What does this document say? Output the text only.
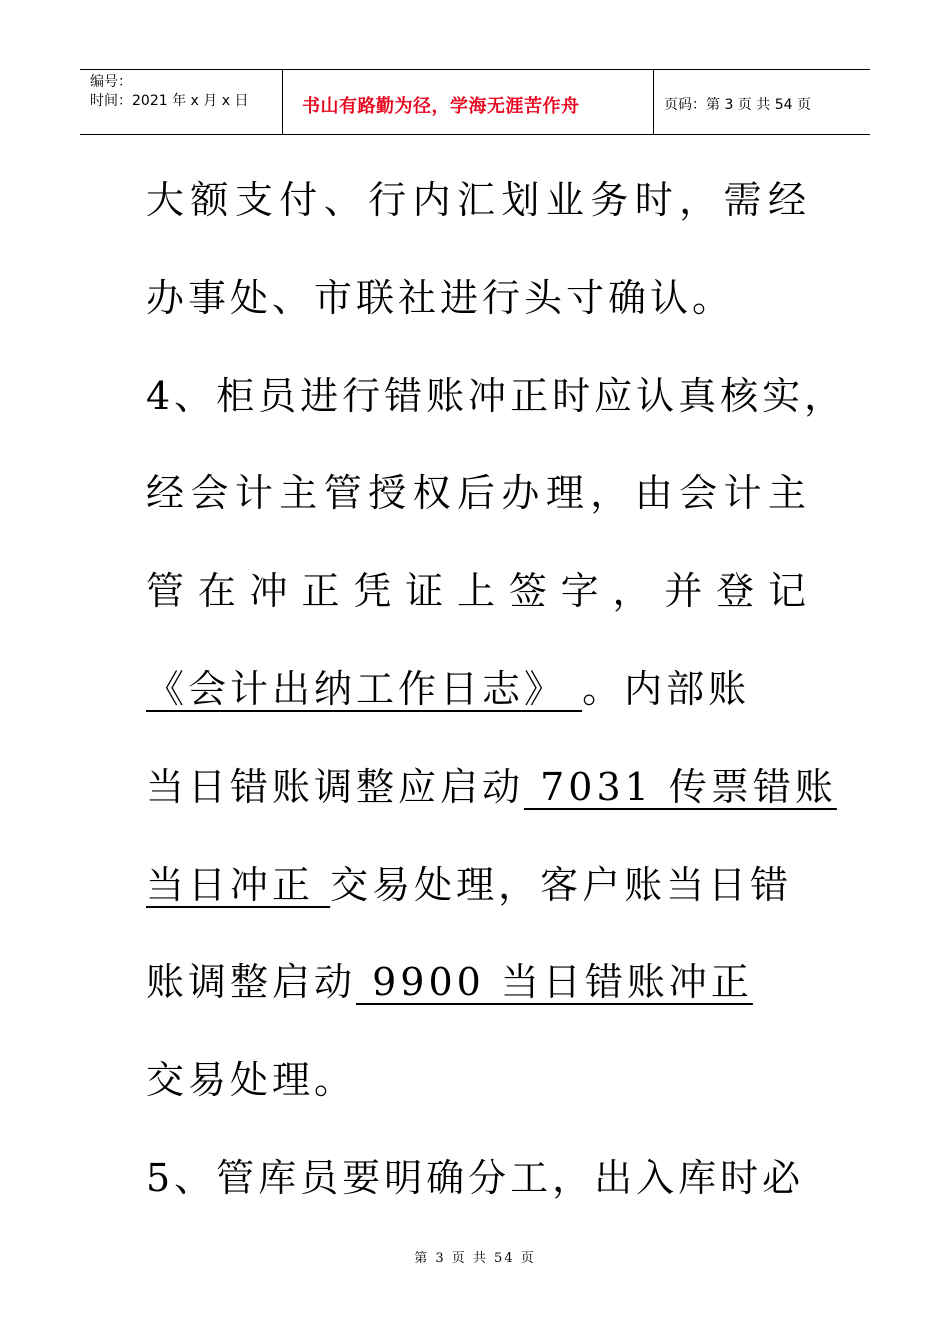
编号：
时间：2021 年 x 月 x 日	书山有路勤为径，学海无涯苦作舟	页码：第 3 页 共 54 页
大额支付、行内汇划业务时，需经
办事处、市联社进行头寸确认。
4、柜员进行错账冲正时应认真核实，
经会计主管授权后办理，由会计主
管在冲正凭证上签字，并登记
《会计出纳工作日志》 。内部账
当日错账调整应启动 7031 传票错账
当日冲正 交易处理，客户账当日错
账调整启动 9900 当日错账冲正
交易处理。
5、管库员要明确分工，出入库时必
第 3 页 共 54 页
